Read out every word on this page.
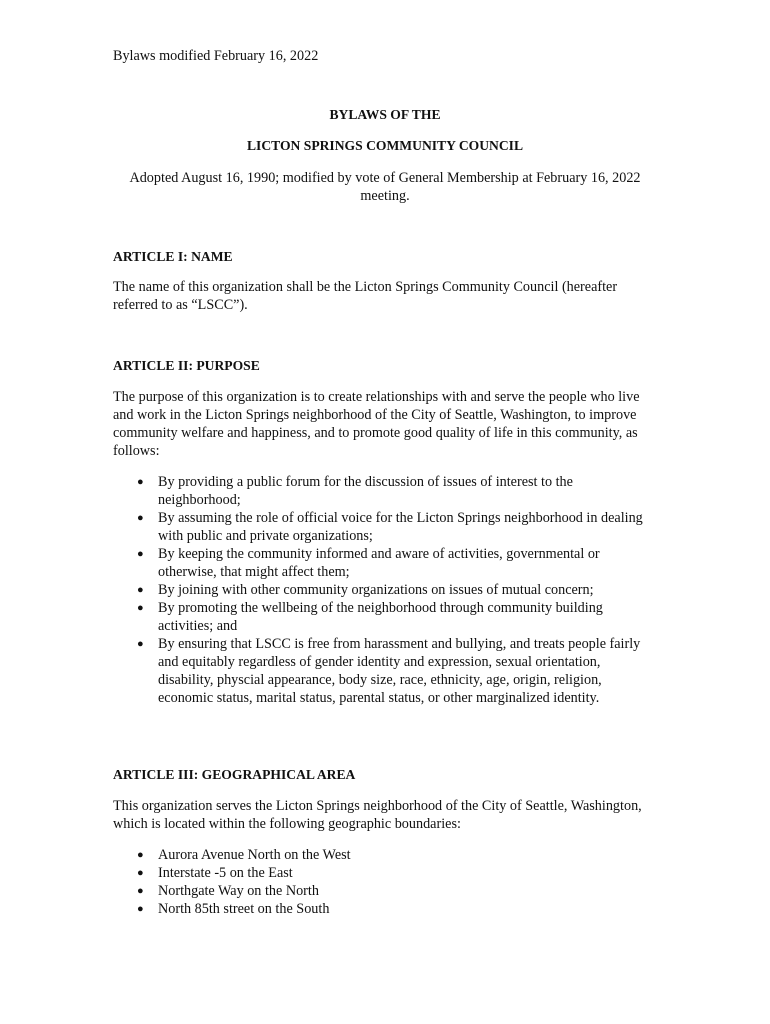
Bylaws modified February 16, 2022
BYLAWS OF THE
LICTON SPRINGS COMMUNITY COUNCIL
Adopted August 16, 1990; modified by vote of General Membership at February 16, 2022 meeting.
ARTICLE I: NAME
The name of this organization shall be the Licton Springs Community Council (hereafter referred to as “LSCC”).
ARTICLE II: PURPOSE
The purpose of this organization is to create relationships with and serve the people who live and work in the Licton Springs neighborhood of the City of Seattle, Washington, to improve community welfare and happiness, and to promote good quality of life in this community, as follows:
● By providing a public forum for the discussion of issues of interest to the neighborhood;
● By assuming the role of official voice for the Licton Springs neighborhood in dealing with public and private organizations;
● By keeping the community informed and aware of activities, governmental or otherwise, that might affect them;
● By joining with other community organizations on issues of mutual concern;
● By promoting the wellbeing of the neighborhood through community building activities; and
● By ensuring that LSCC is free from harassment and bullying, and treats people fairly and equitably regardless of gender identity and expression, sexual orientation, disability, physcial appearance, body size, race, ethnicity, age, origin, religion, economic status, marital status, parental status, or other marginalized identity.
ARTICLE III: GEOGRAPHICAL AREA
This organization serves the Licton Springs neighborhood of the City of Seattle, Washington, which is located within the following geographic boundaries:
● Aurora Avenue North on the West
● Interstate -5 on the East
● Northgate Way on the North
● North 85th street on the South
